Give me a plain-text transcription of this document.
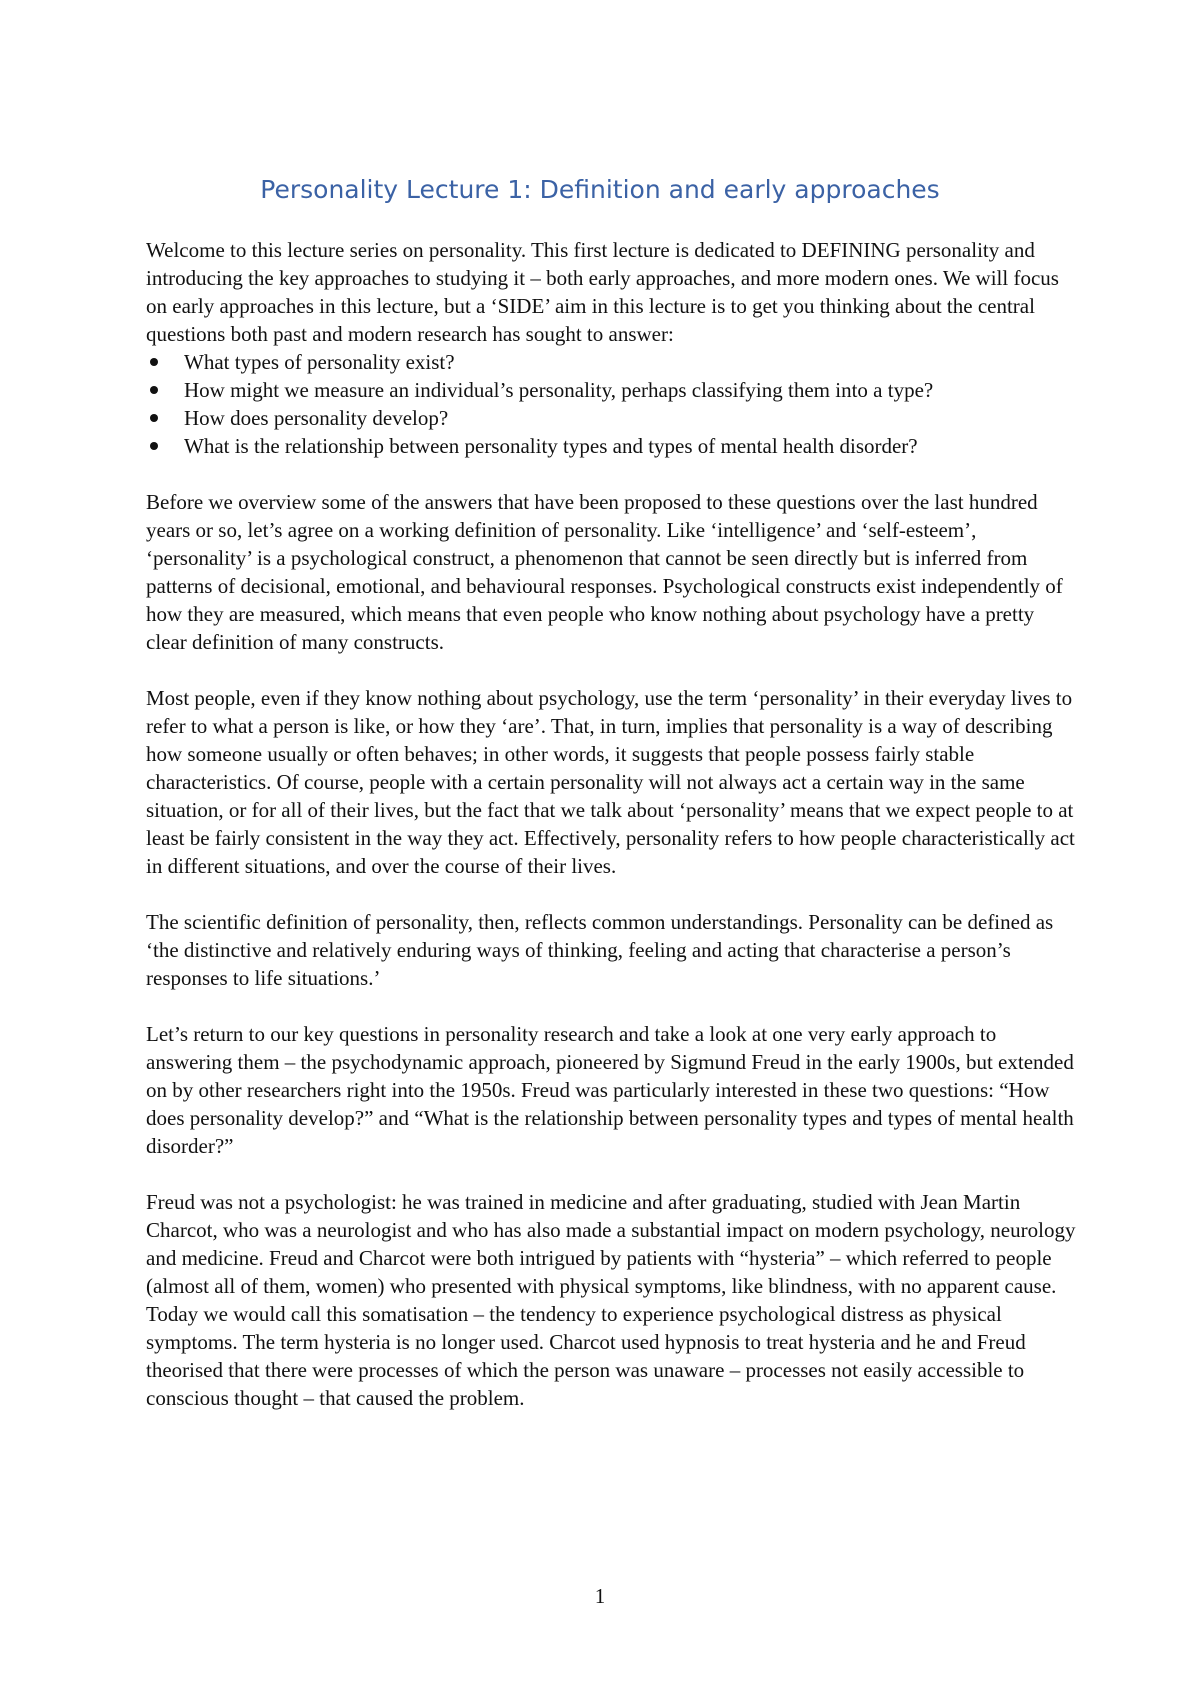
Personality Lecture 1: Definition and early approaches

Welcome to this lecture series on personality. This first lecture is dedicated to DEFINING personality and introducing the key approaches to studying it – both early approaches, and more modern ones. We will focus on early approaches in this lecture, but a ‘SIDE’ aim in this lecture is to get you thinking about the central questions both past and modern research has sought to answer:

What types of personality exist?
How might we measure an individual’s personality, perhaps classifying them into a type?
How does personality develop?
What is the relationship between personality types and types of mental health disorder?

Before we overview some of the answers that have been proposed to these questions over the last hundred years or so, let’s agree on a working definition of personality. Like ‘intelligence’ and ‘self-esteem’, ‘personality’ is a psychological construct, a phenomenon that cannot be seen directly but is inferred from patterns of decisional, emotional, and behavioural responses. Psychological constructs exist independently of how they are measured, which means that even people who know nothing about psychology have a pretty clear definition of many constructs.

Most people, even if they know nothing about psychology, use the term ‘personality’ in their everyday lives to refer to what a person is like, or how they ‘are’. That, in turn, implies that personality is a way of describing how someone usually or often behaves; in other words, it suggests that people possess fairly stable characteristics. Of course, people with a certain personality will not always act a certain way in the same situation, or for all of their lives, but the fact that we talk about ‘personality’ means that we expect people to at least be fairly consistent in the way they act. Effectively, personality refers to how people characteristically act in different situations, and over the course of their lives.

The scientific definition of personality, then, reflects common understandings. Personality can be defined as ‘the distinctive and relatively enduring ways of thinking, feeling and acting that characterise a person’s responses to life situations.’

Let’s return to our key questions in personality research and take a look at one very early approach to answering them – the psychodynamic approach, pioneered by Sigmund Freud in the early 1900s, but extended on by other researchers right into the 1950s. Freud was particularly interested in these two questions: “How does personality develop?” and “What is the relationship between personality types and types of mental health disorder?”

Freud was not a psychologist: he was trained in medicine and after graduating, studied with Jean Martin Charcot, who was a neurologist and who has also made a substantial impact on modern psychology, neurology and medicine. Freud and Charcot were both intrigued by patients with “hysteria” – which referred to people (almost all of them, women) who presented with physical symptoms, like blindness, with no apparent cause. Today we would call this somatisation – the tendency to experience psychological distress as physical symptoms. The term hysteria is no longer used. Charcot used hypnosis to treat hysteria and he and Freud theorised that there were processes of which the person was unaware – processes not easily accessible to conscious thought – that caused the problem.

1
